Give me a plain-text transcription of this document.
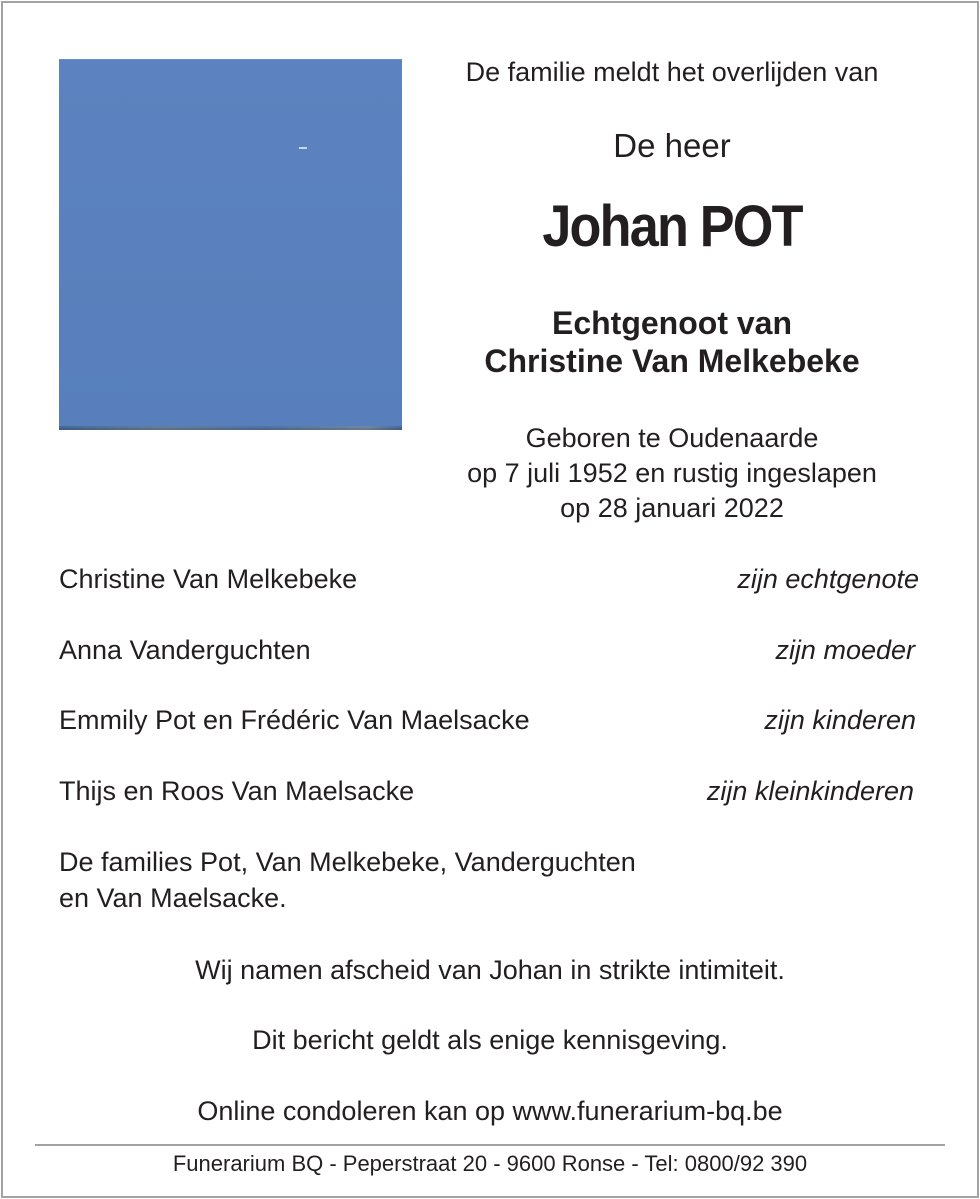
De familie meldt het overlijden van
De heer
Johan POT
Echtgenoot van
Christine Van Melkebeke
Geboren te Oudenaarde
op 7 juli 1952 en rustig ingeslapen
op 28 januari 2022
Christine Van Melkebeke	zijn echtgenote
Anna Vanderguchten	zijn moeder
Emmily Pot en Frédéric Van Maelsacke	zijn kinderen
Thijs en Roos Van Maelsacke	zijn kleinkinderen
De families Pot, Van Melkebeke, Vanderguchten
en Van Maelsacke.
Wij namen afscheid van Johan in strikte intimiteit.
Dit bericht geldt als enige kennisgeving.
Online condoleren kan op www.funerarium-bq.be
Funerarium BQ - Peperstraat 20 - 9600 Ronse - Tel: 0800/92 390
